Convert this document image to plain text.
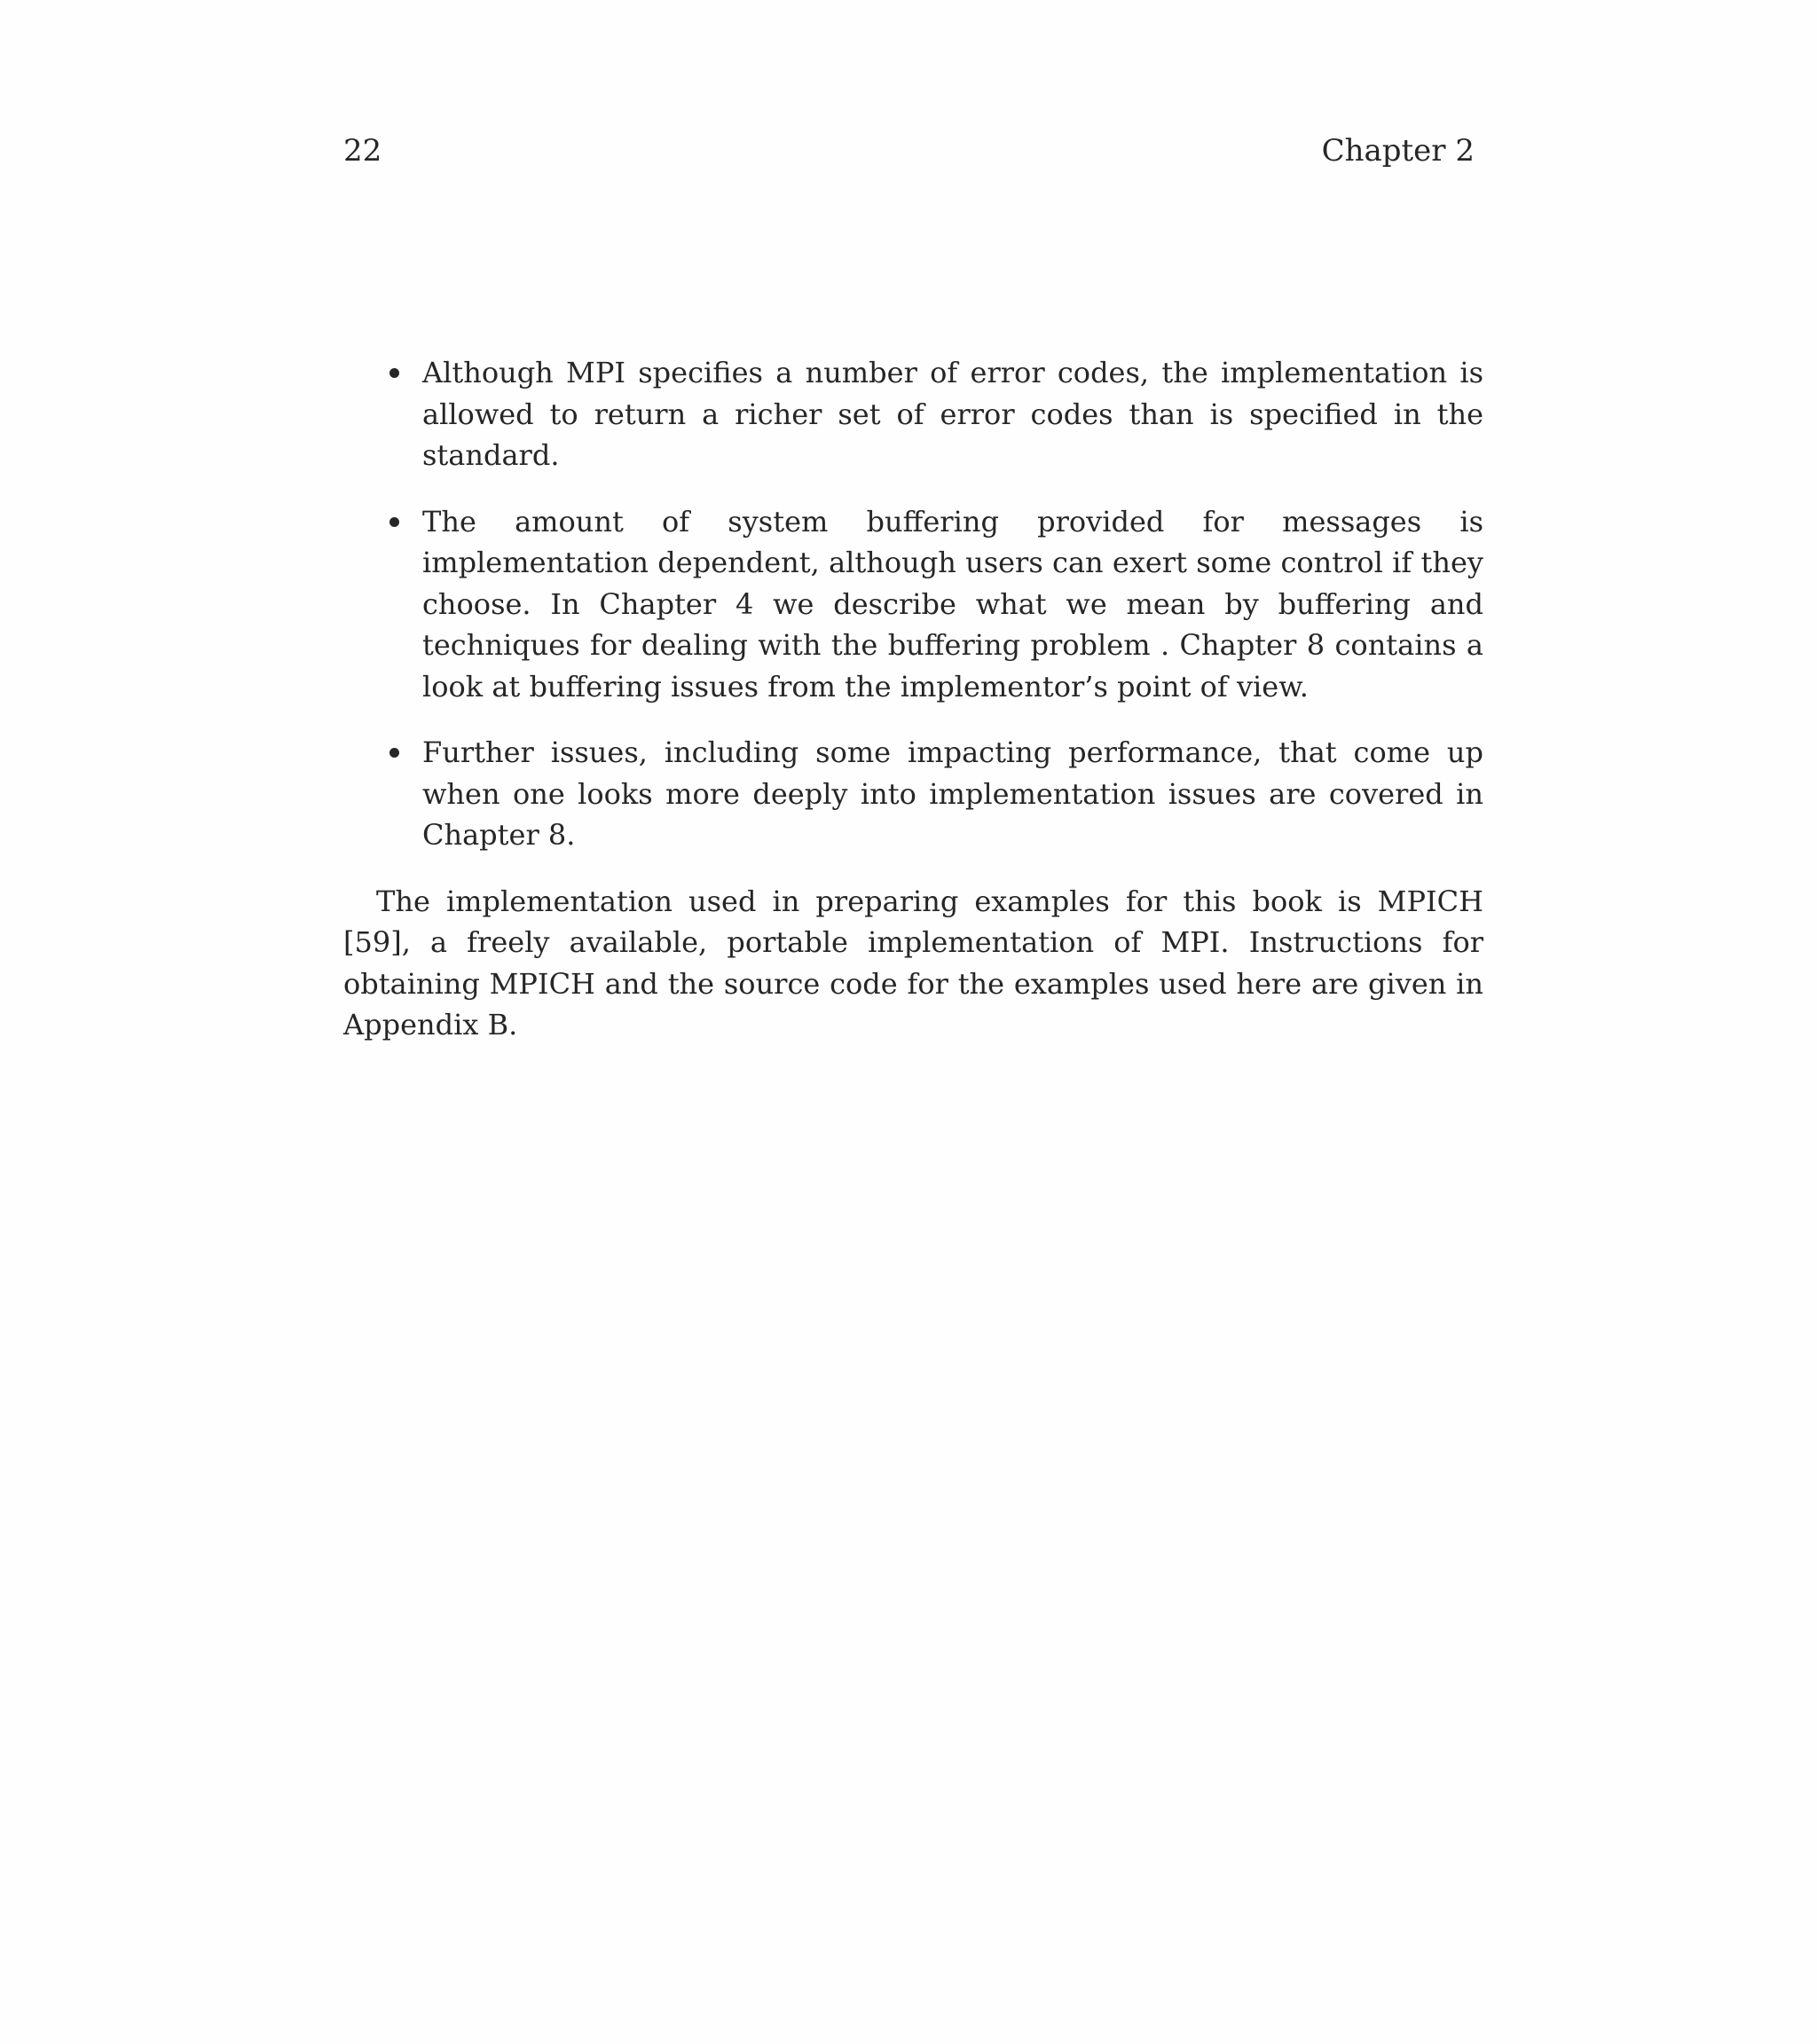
22	Chapter 2
Although MPI specifies a number of error codes, the implementation is allowed to return a richer set of error codes than is specified in the standard.
The amount of system buffering provided for messages is implementation dependent, although users can exert some control if they choose. In Chapter 4 we describe what we mean by buffering and techniques for dealing with the buffering problem . Chapter 8 contains a look at buffering issues from the implementor’s point of view.
Further issues, including some impacting performance, that come up when one looks more deeply into implementation issues are covered in Chapter 8.

The implementation used in preparing examples for this book is MPICH [59], a freely available, portable implementation of MPI. Instructions for obtaining MPICH and the source code for the examples used here are given in Appendix B.
